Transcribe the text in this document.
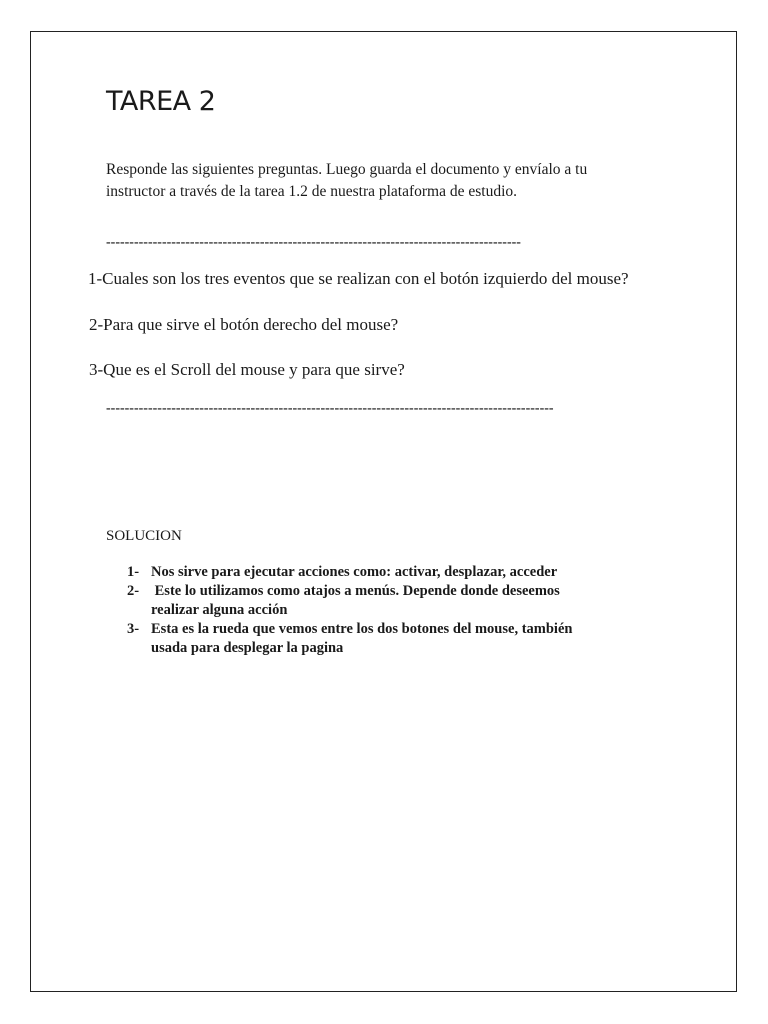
TAREA 2

Responde las siguientes preguntas. Luego guarda el documento y envíalo a tu
instructor a través de la tarea 1.2 de nuestra plataforma de estudio.

-----------------------------------------------------------------------------------------

1-Cuales son los tres eventos que se realizan con el botón izquierdo del mouse?

2-Para que sirve el botón derecho del mouse?

3-Que es el Scroll del mouse y para que sirve?

------------------------------------------------------------------------------------------------

SOLUCION

1- Nos sirve para ejecutar acciones como: activar, desplazar, acceder
2- Este lo utilizamos como atajos a menús. Depende donde deseemos
realizar alguna acción
3- Esta es la rueda que vemos entre los dos botones del mouse, también
usada para desplegar la pagina
